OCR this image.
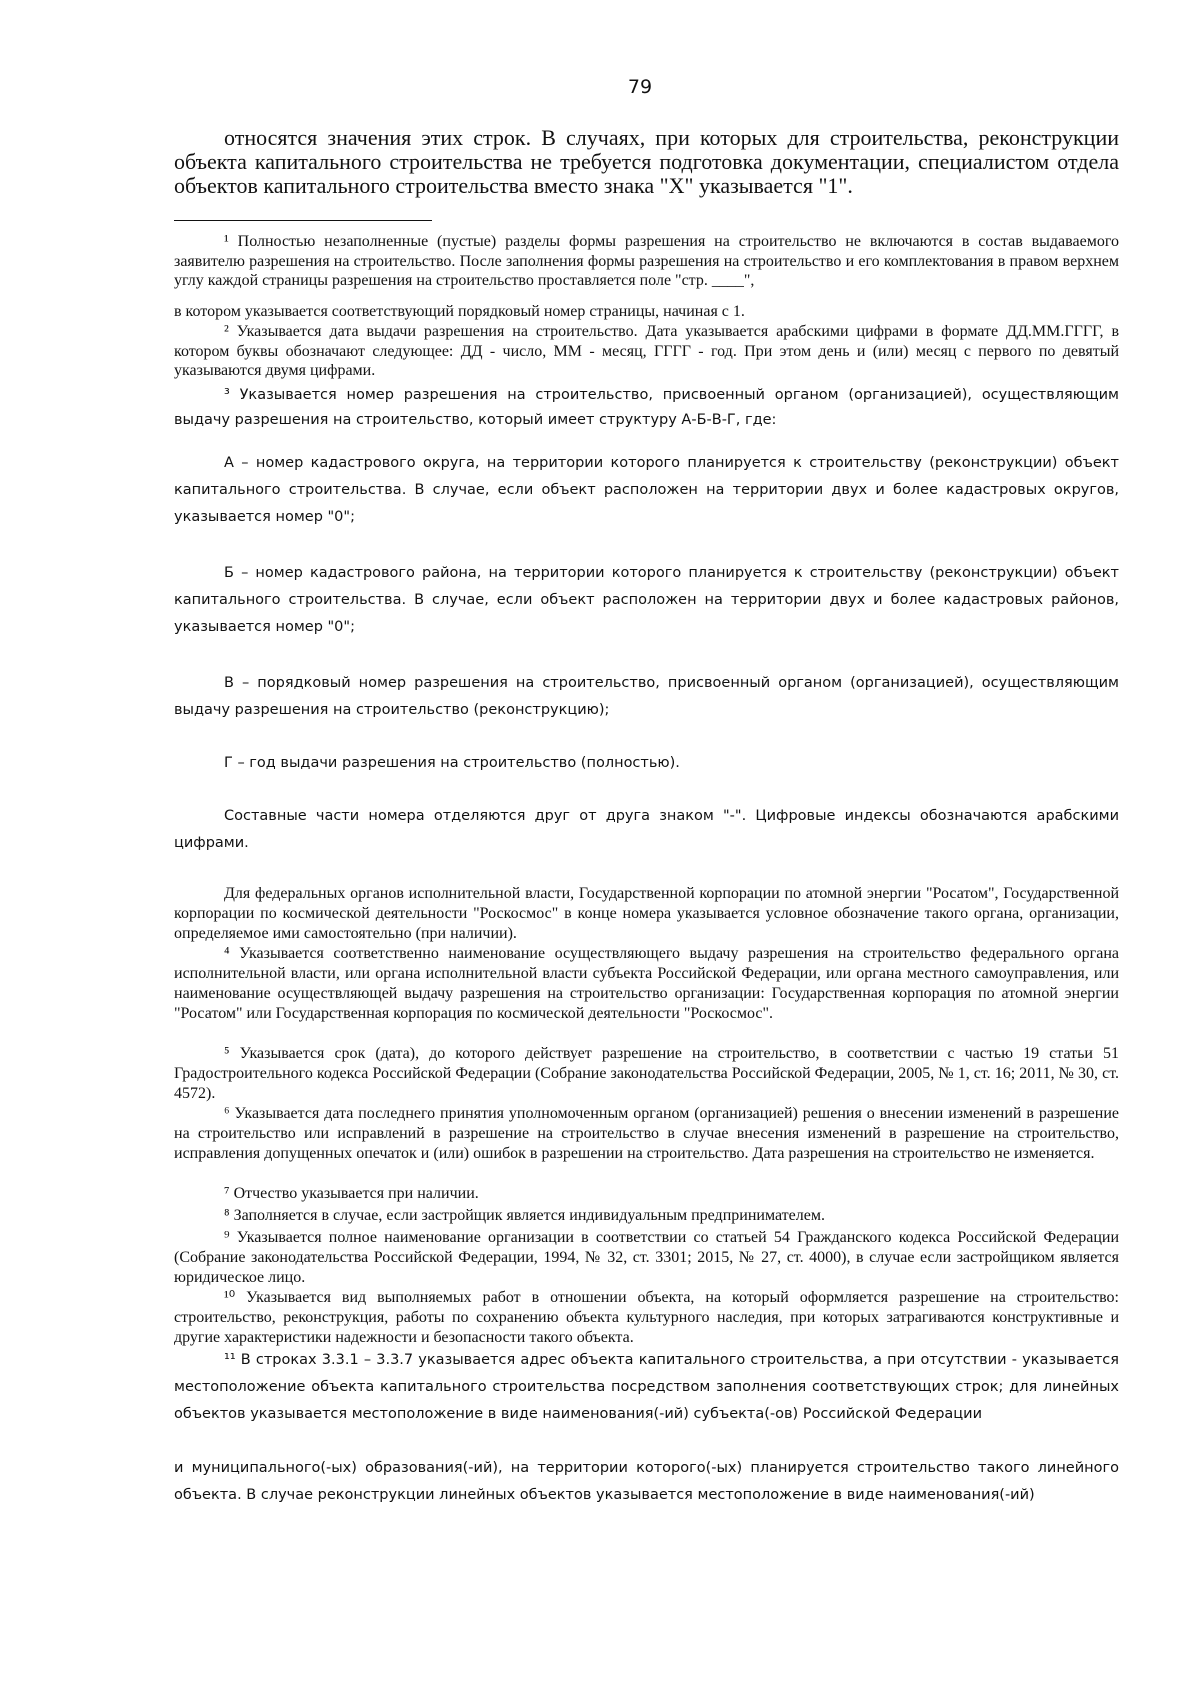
79
относятся значения этих строк. В случаях, при которых для строительства, реконструкции объекта капитального строительства не требуется подготовка документации, специалистом отдела объектов капитального строительства вместо знака "X" указывается "1".

¹ Полностью незаполненные (пустые) разделы формы разрешения на строительство не включаются в состав выдаваемого заявителю разрешения на строительство. После заполнения формы разрешения на строительство и его комплектования в правом верхнем углу каждой страницы разрешения на строительство проставляется поле "стр. ____",

в котором указывается соответствующий порядковый номер страницы, начиная с 1.

² Указывается дата выдачи разрешения на строительство. Дата указывается арабскими цифрами в формате ДД.ММ.ГГГГ, в котором буквы обозначают следующее: ДД - число, ММ - месяц, ГГГГ - год. При этом день и (или) месяц с первого по девятый указываются двумя цифрами.

³ Указывается номер разрешения на строительство, присвоенный органом (организацией), осуществляющим выдачу разрешения на строительство, который имеет структуру А-Б-В-Г, где:

А – номер кадастрового округа, на территории которого планируется к строительству (реконструкции) объект капитального строительства. В случае, если объект расположен на территории двух и более кадастровых округов, указывается номер "0";

Б – номер кадастрового района, на территории которого планируется к строительству (реконструкции) объект капитального строительства. В случае, если объект расположен на территории двух и более кадастровых районов, указывается номер "0";

В – порядковый номер разрешения на строительство, присвоенный органом (организацией), осуществляющим выдачу разрешения на строительство (реконструкцию);

Г – год выдачи разрешения на строительство (полностью).

Составные части номера отделяются друг от друга знаком "-". Цифровые индексы обозначаются арабскими цифрами.

Для федеральных органов исполнительной власти, Государственной корпорации по атомной энергии "Росатом", Государственной корпорации по космической деятельности "Роскосмос" в конце номера указывается условное обозначение такого органа, организации, определяемое ими самостоятельно (при наличии).

⁴ Указывается соответственно наименование осуществляющего выдачу разрешения на строительство федерального органа исполнительной власти, или органа исполнительной власти субъекта Российской Федерации, или органа местного самоуправления, или наименование осуществляющей выдачу разрешения на строительство организации: Государственная корпорация по атомной энергии "Росатом" или Государственная корпорация по космической деятельности "Роскосмос".

⁵ Указывается срок (дата), до которого действует разрешение на строительство, в соответствии с частью 19 статьи 51 Градостроительного кодекса Российской Федерации (Собрание законодательства Российской Федерации, 2005, № 1, ст. 16; 2011, № 30, ст. 4572).

⁶ Указывается дата последнего принятия уполномоченным органом (организацией) решения о внесении изменений в разрешение на строительство или исправлений в разрешение на строительство в случае внесения изменений в разрешение на строительство, исправления допущенных опечаток и (или) ошибок в разрешении на строительство. Дата разрешения на строительство не изменяется.

⁷ Отчество указывается при наличии.

⁸ Заполняется в случае, если застройщик является индивидуальным предпринимателем.

⁹ Указывается полное наименование организации в соответствии со статьей 54 Гражданского кодекса Российской Федерации (Собрание законодательства Российской Федерации, 1994, № 32, ст. 3301; 2015, № 27, ст. 4000), в случае если застройщиком является юридическое лицо.

¹⁰ Указывается вид выполняемых работ в отношении объекта, на который оформляется разрешение на строительство: строительство, реконструкция, работы по сохранению объекта культурного наследия, при которых затрагиваются конструктивные и другие характеристики надежности и безопасности такого объекта.

¹¹ В строках 3.3.1 – 3.3.7 указывается адрес объекта капитального строительства, а при отсутствии - указывается местоположение объекта капитального строительства посредством заполнения соответствующих строк; для линейных объектов указывается местоположение в виде наименования(-ий) субъекта(-ов) Российской Федерации

и муниципального(-ых) образования(-ий), на территории которого(-ых) планируется строительство такого линейного объекта. В случае реконструкции линейных объектов указывается местоположение в виде наименования(-ий)
